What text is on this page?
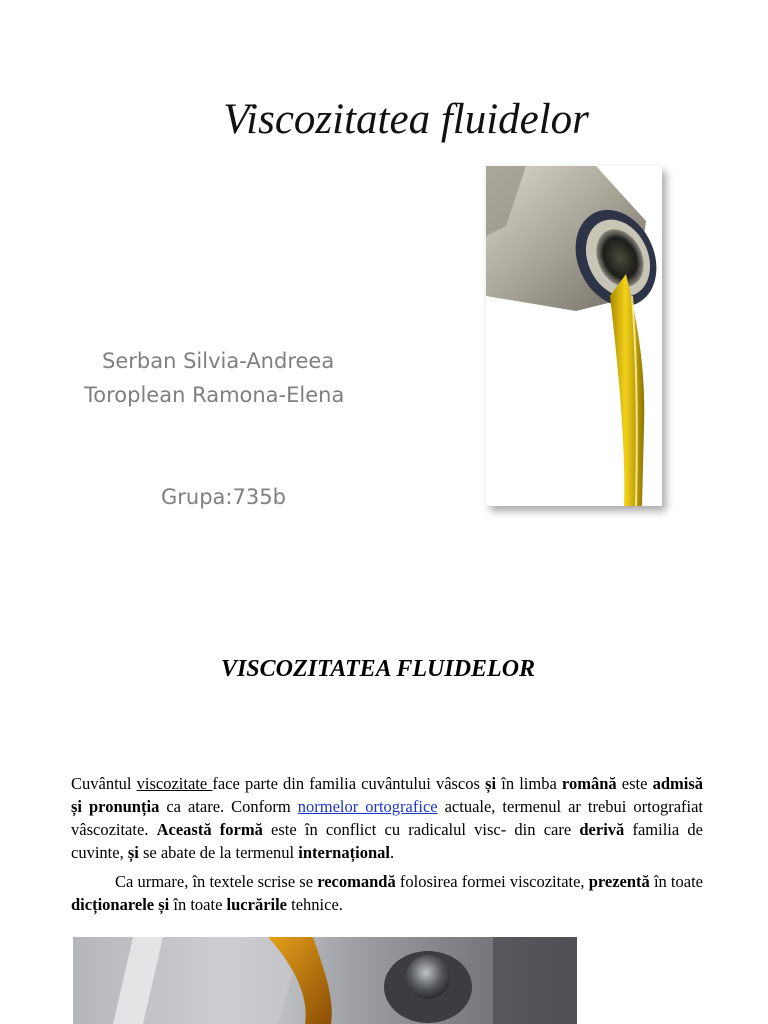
Viscozitatea fluidelor
Serban Silvia-Andreea
Toroplean Ramona-Elena
Grupa:735b
VISCOZITATEA FLUIDELOR

Cuvântul viscozitate face parte din familia cuvântului vâscos și în limba română este admisă și pronunția ca atare. Conform normelor ortografice actuale, termenul ar trebui ortografiat vâscozitate. Această formă este în conflict cu radicalul visc- din care derivă familia de cuvinte, și se abate de la termenul internațional.

Ca urmare, în textele scrise se recomandă folosirea formei viscozitate, prezentă în toate dicționarele și în toate lucrările tehnice.
